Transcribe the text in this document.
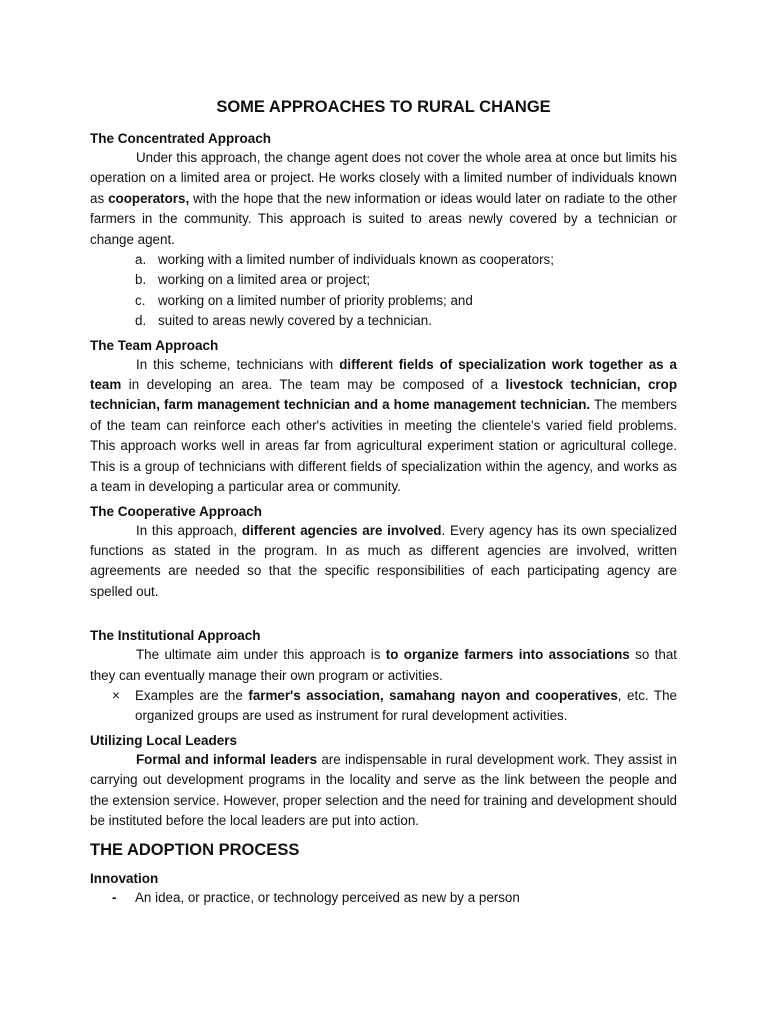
SOME APPROACHES TO RURAL CHANGE
The Concentrated Approach

Under this approach, the change agent does not cover the whole area at once but limits his operation on a limited area or project. He works closely with a limited number of individuals known as cooperators, with the hope that the new information or ideas would later on radiate to the other farmers in the community. This approach is suited to areas newly covered by a technician or change agent.

a. working with a limited number of individuals known as cooperators;
b. working on a limited area or project;
c. working on a limited number of priority problems; and
d. suited to areas newly covered by a technician.
The Team Approach

In this scheme, technicians with different fields of specialization work together as a team in developing an area. The team may be composed of a livestock technician, crop technician, farm management technician and a home management technician. The members of the team can reinforce each other's activities in meeting the clientele's varied field problems. This approach works well in areas far from agricultural experiment station or agricultural college. This is a group of technicians with different fields of specialization within the agency, and works as a team in developing a particular area or community.

The Cooperative Approach

In this approach, different agencies are involved. Every agency has its own specialized functions as stated in the program. In as much as different agencies are involved, written agreements are needed so that the specific responsibilities of each participating agency are spelled out.

The Institutional Approach

The ultimate aim under this approach is to organize farmers into associations so that they can eventually manage their own program or activities.

× Examples are the farmer's association, samahang nayon and cooperatives, etc. The organized groups are used as instrument for rural development activities.
Utilizing Local Leaders

Formal and informal leaders are indispensable in rural development work. They assist in carrying out development programs in the locality and serve as the link between the people and the extension service. However, proper selection and the need for training and development should be instituted before the local leaders are put into action.

THE ADOPTION PROCESS
Innovation
- An idea, or practice, or technology perceived as new by a person
